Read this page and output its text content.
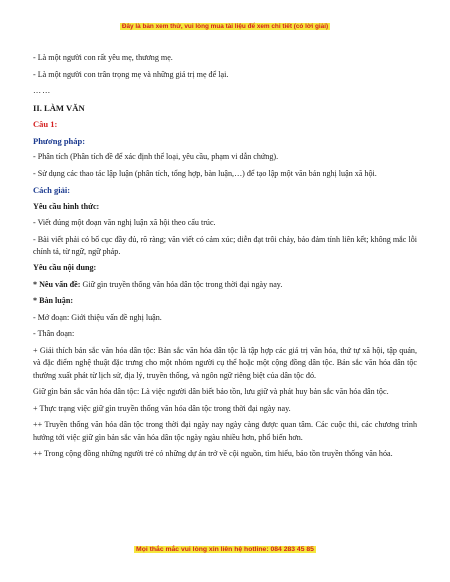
Đây là bản xem thử, vui lòng mua tài liệu để xem chi tiết (có lời giải)

- Là một người con rất yêu mẹ, thương mẹ.

- Là một người con trân trọng mẹ và những giá trị mẹ để lại.

……

II. LÀM VĂN

Câu 1:

Phương pháp:

- Phân tích (Phân tích đề để xác định thể loại, yêu cầu, phạm vi dẫn chứng).

- Sử dụng các thao tác lập luận (phân tích, tổng hợp, bàn luận,…) để tạo lập một văn bản nghị luận xã hội.

Cách giải:

Yêu cầu hình thức:

- Viết đúng một đoạn văn nghị luận xã hội theo cấu trúc.

- Bài viết phải có bố cục đầy đủ, rõ ràng; văn viết có cảm xúc; diễn đạt trôi chảy, bảo đảm tính liên kết; không mắc lỗi chính tả, từ ngữ, ngữ pháp.

Yêu cầu nội dung:

* Nêu vấn đề: Giữ gìn truyền thống văn hóa dân tộc trong thời đại ngày nay.

* Bàn luận:

- Mở đoạn: Giới thiệu vấn đề nghị luận.

- Thân đoạn:

+ Giải thích bản sắc văn hóa dân tộc: Bản sắc văn hóa dân tộc là tập hợp các giá trị văn hóa, thứ tự xã hội, tập quán, và đặc điểm nghệ thuật đặc trưng cho một nhóm người cụ thể hoặc một cộng đồng dân tộc. Bản sắc văn hóa dân tộc thường xuất phát từ lịch sử, địa lý, truyền thống, và ngôn ngữ riêng biệt của dân tộc đó.

Giữ gìn bản sắc văn hóa dân tộc: Là việc người dân biết bảo tồn, lưu giữ và phát huy bản sắc văn hóa dân tộc.

+ Thực trạng việc giữ gìn truyền thống văn hóa dân tộc trong thời đại ngày nay.

++ Truyền thống văn hóa dân tộc trong thời đại ngày nay ngày càng được quan tâm. Các cuộc thi, các chương trình hướng tới việc giữ gìn bản sắc văn hóa dân tộc ngày ngàu nhiều hơn, phổ biến hơn.

++ Trong cộng đồng những người trẻ có những dự án trở về cội nguồn, tìm hiểu, bảo tồn truyền thống văn hóa.

Mọi thắc mắc vui lòng xin liên hệ hotline: 084 283 45 85
